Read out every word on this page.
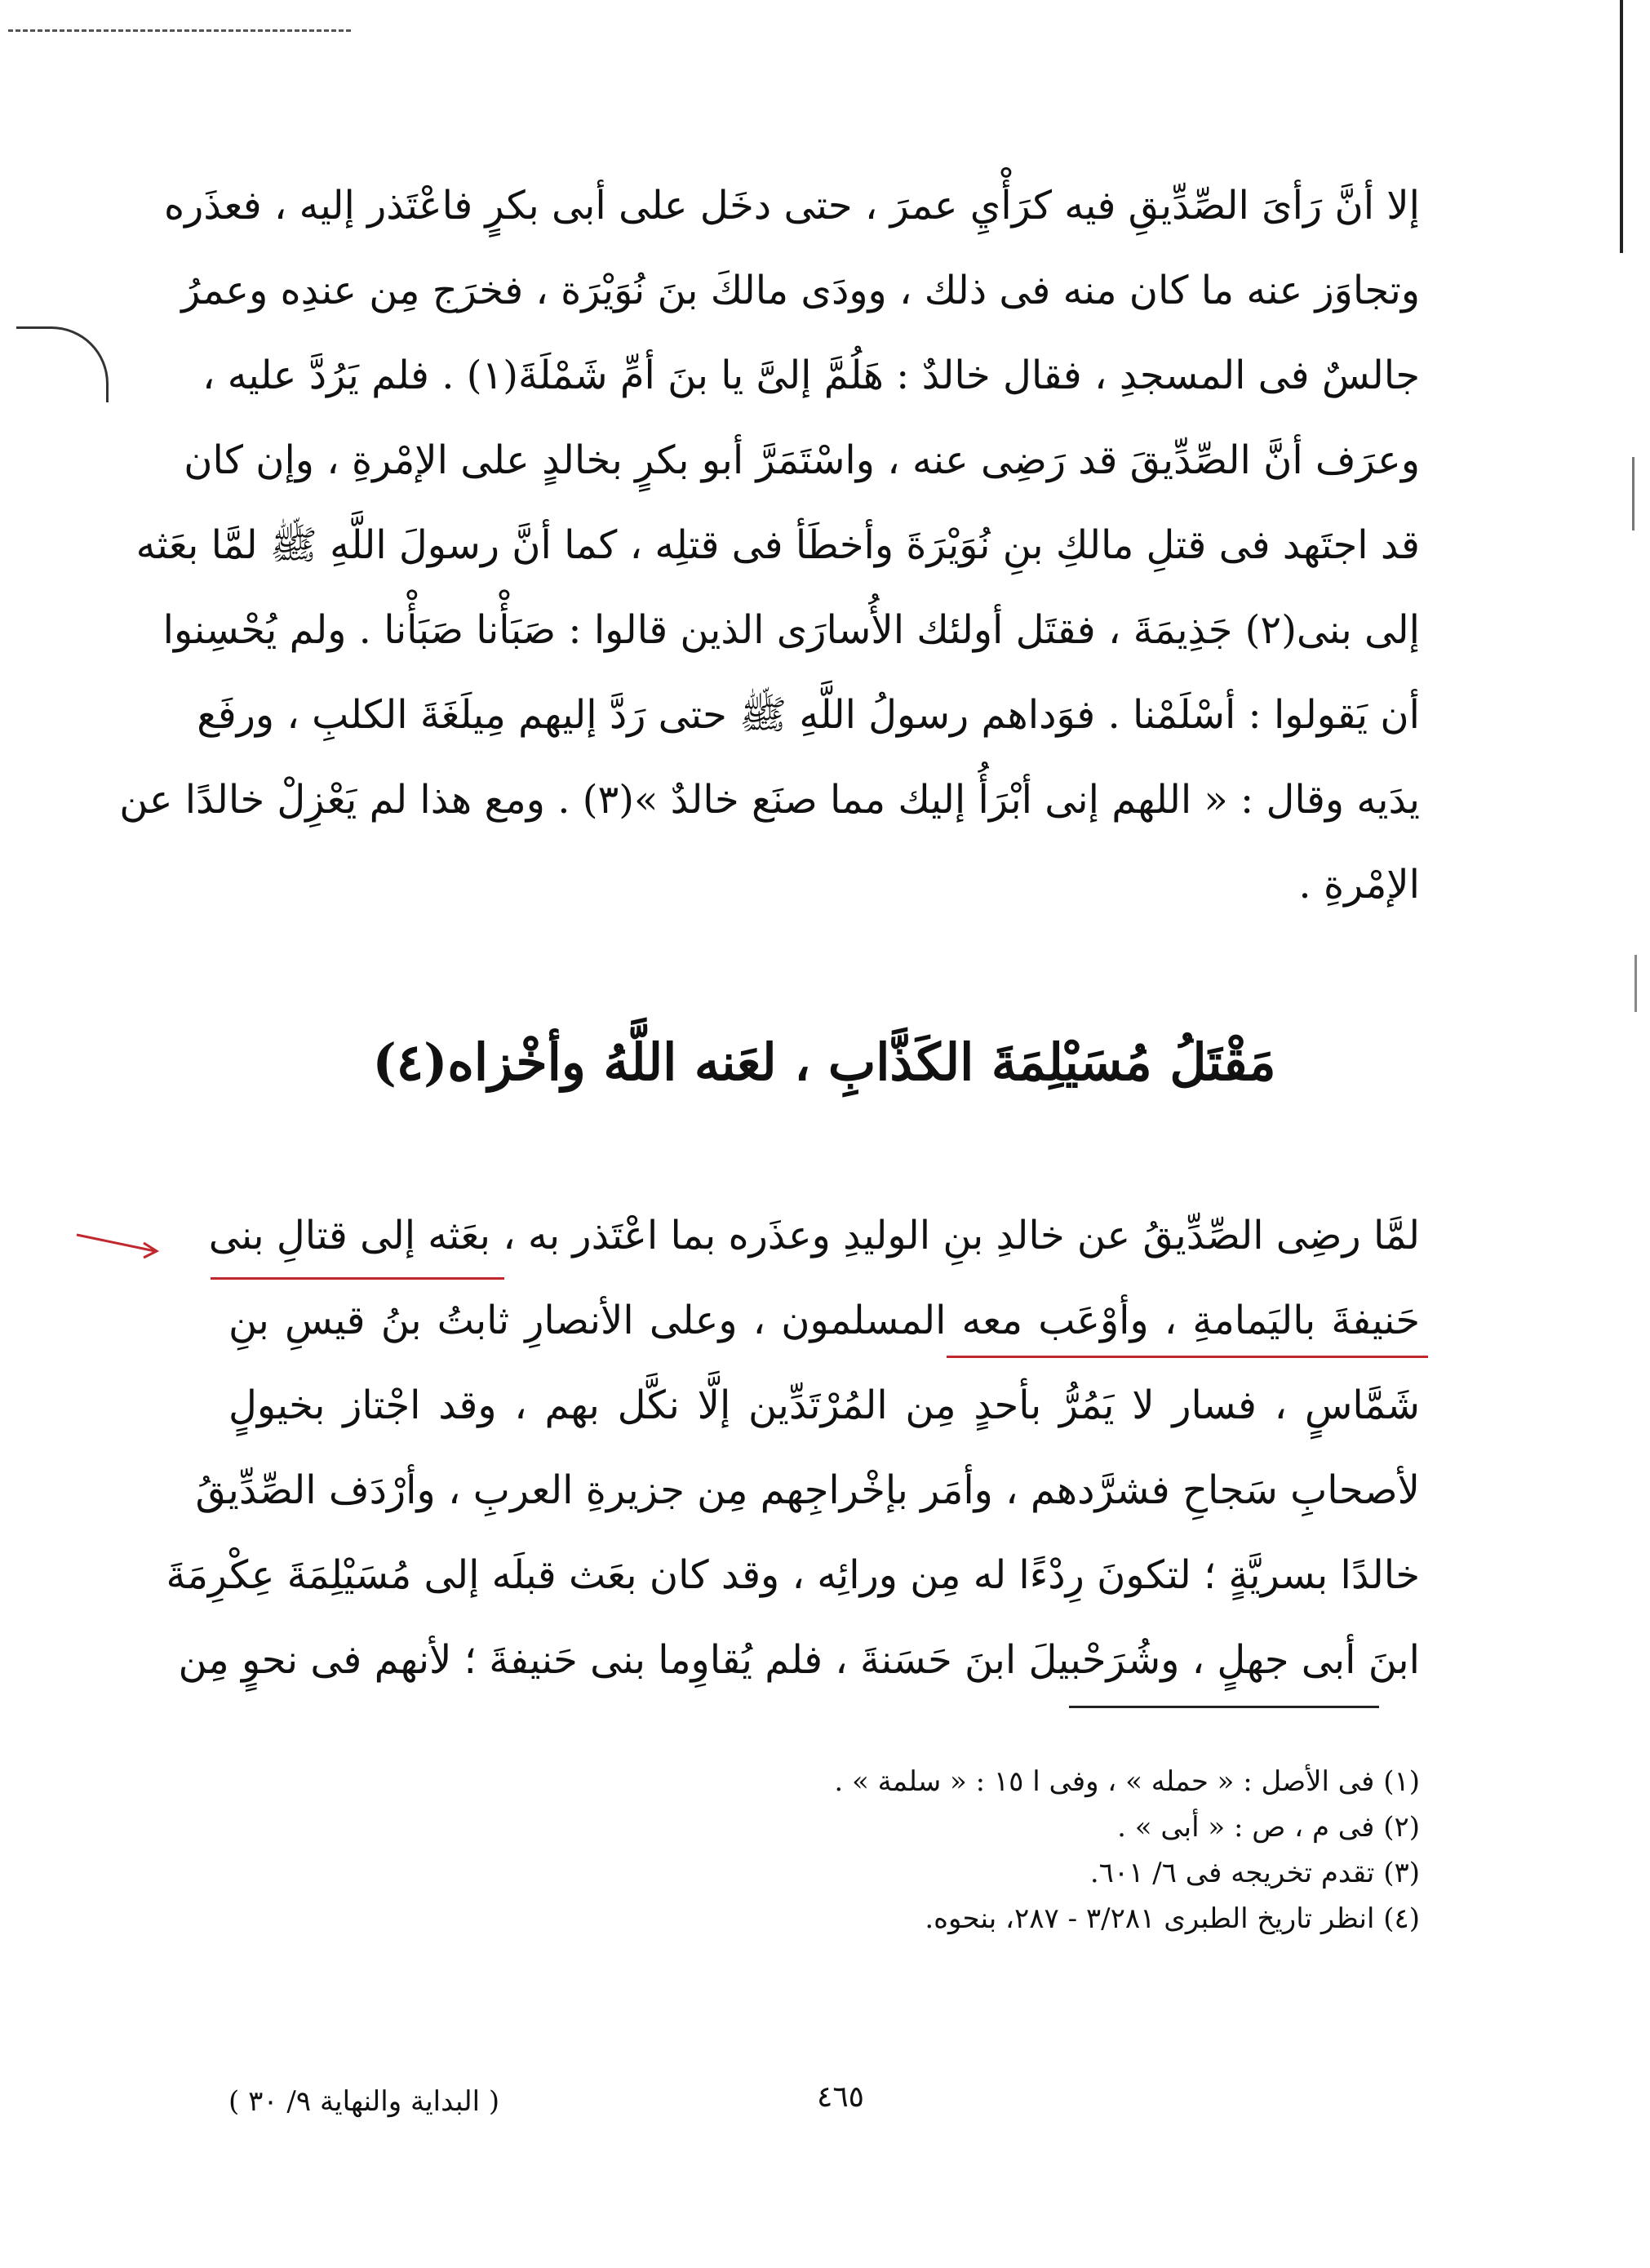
إلا أنَّ رَأىَ الصِّدِّيقِ فيه كرَأْيِ عمرَ ، حتى دخَل على أبى بكرٍ فاعْتَذر إليه ، فعذَره
وتجاوَز عنه ما كان منه فى ذلك ، وودَى مالكَ بنَ نُوَيْرَة ، فخرَج مِن عندِه وعمرُ
جالسٌ فى المسجدِ ، فقال خالدٌ : هَلُمَّ إلىَّ يا بنَ أمِّ شَمْلَةَ(١) . فلم يَرُدَّ عليه ،
وعرَف أنَّ الصِّدِّيقَ قد رَضِى عنه ، واسْتَمَرَّ أبو بكرٍ بخالدٍ على الإمْرةِ ، وإن كان
قد اجتَهد فى قتلِ مالكِ بنِ نُوَيْرَةَ وأخطَأ فى قتلِه ، كما أنَّ رسولَ اللَّهِ ﷺ لمَّا بعَثه
إلى بنى(٢) جَذِيمَةَ ، فقتَل أولئك الأُسارَى الذين قالوا : صَبَأْنا صَبَأْنا . ولم يُحْسِنوا
أن يَقولوا : أسْلَمْنا . فوَداهم رسولُ اللَّهِ ﷺ حتى رَدَّ إليهم مِيلَغَةَ الكلبِ ، ورفَع
يدَيه وقال : « اللهم إنى أبْرَأُ إليك مما صنَع خالدٌ »(٣) . ومع هذا لم يَعْزِلْ خالدًا عن
الإمْرةِ .
مَقْتَلُ مُسَيْلِمَةَ الكَذَّابِ ، لعَنه اللَّهُ وأخْزاه(٤)
لمَّا رضِى الصِّدِّيقُ عن خالدِ بنِ الوليدِ وعذَره بما اعْتَذر به ، بعَثه إلى قتالِ بنى
حَنيفةَ باليَمامةِ ، وأوْعَب معه المسلمون ، وعلى الأنصارِ ثابتُ بنُ قيسِ بنِ
شَمَّاسٍ ، فسار لا يَمُرُّ بأحدٍ مِن المُرْتَدِّين إلَّا نكَّل بهم ، وقد اجْتاز بخيولٍ
لأصحابِ سَجاحِ فشرَّدهم ، وأمَر بإخْراجِهم مِن جزيرةِ العربِ ، وأرْدَف الصِّدِّيقُ
خالدًا بسريَّةٍ ؛ لتكونَ رِدْءًا له مِن ورائِه ، وقد كان بعَث قبلَه إلى مُسَيْلِمَةَ عِكْرِمَةَ
ابنَ أبى جهلٍ ، وشُرَحْبيلَ ابنَ حَسَنةَ ، فلم يُقاوِما بنى حَنيفةَ ؛ لأنهم فى نحوٍ مِن
(١) فى الأصل : « حمله » ، وفى ا ١٥ : « سلمة » .
(٢) فى م ، ص : « أبى » .
(٣) تقدم تخريجه فى ٦/ ٦٠١.
(٤) انظر تاريخ الطبرى ٣/٢٨١ - ٢٨٧، بنحوه.
٤٦٥
( البداية والنهاية ٩/ ٣٠ )
